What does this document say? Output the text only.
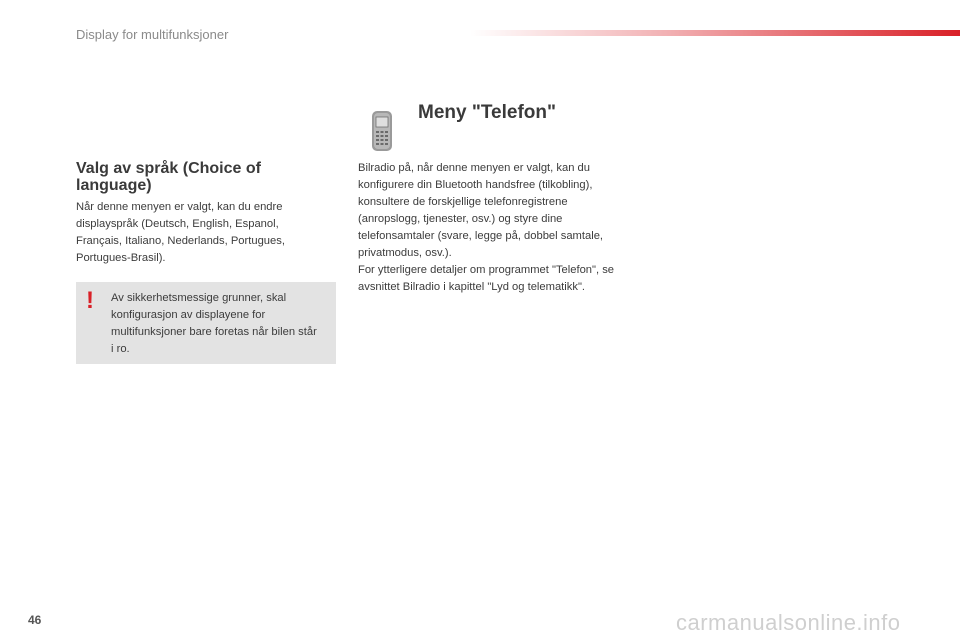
Display for multifunksjoner
Valg av språk (Choice of language)
Når denne menyen er valgt, kan du endre displayspråk (Deutsch, English, Espanol, Français, Italiano, Nederlands, Portugues, Portugues-Brasil).
! Av sikkerhetsmessige grunner, skal konfigurasjon av displayene for multifunksjoner bare foretas når bilen står i ro.
Meny "Telefon"

Bilradio på, når denne menyen er valgt, kan du konfigurere din Bluetooth handsfree (tilkobling), konsultere de forskjellige telefonregistrene (anropslogg, tjenester, osv.) og styre dine telefonsamtaler (svare, legge på, dobbel samtale, privatmodus, osv.).

For ytterligere detaljer om programmet "Telefon", se avsnittet Bilradio i kapittel "Lyd og telematikk".

46	carmanualsonline.info
